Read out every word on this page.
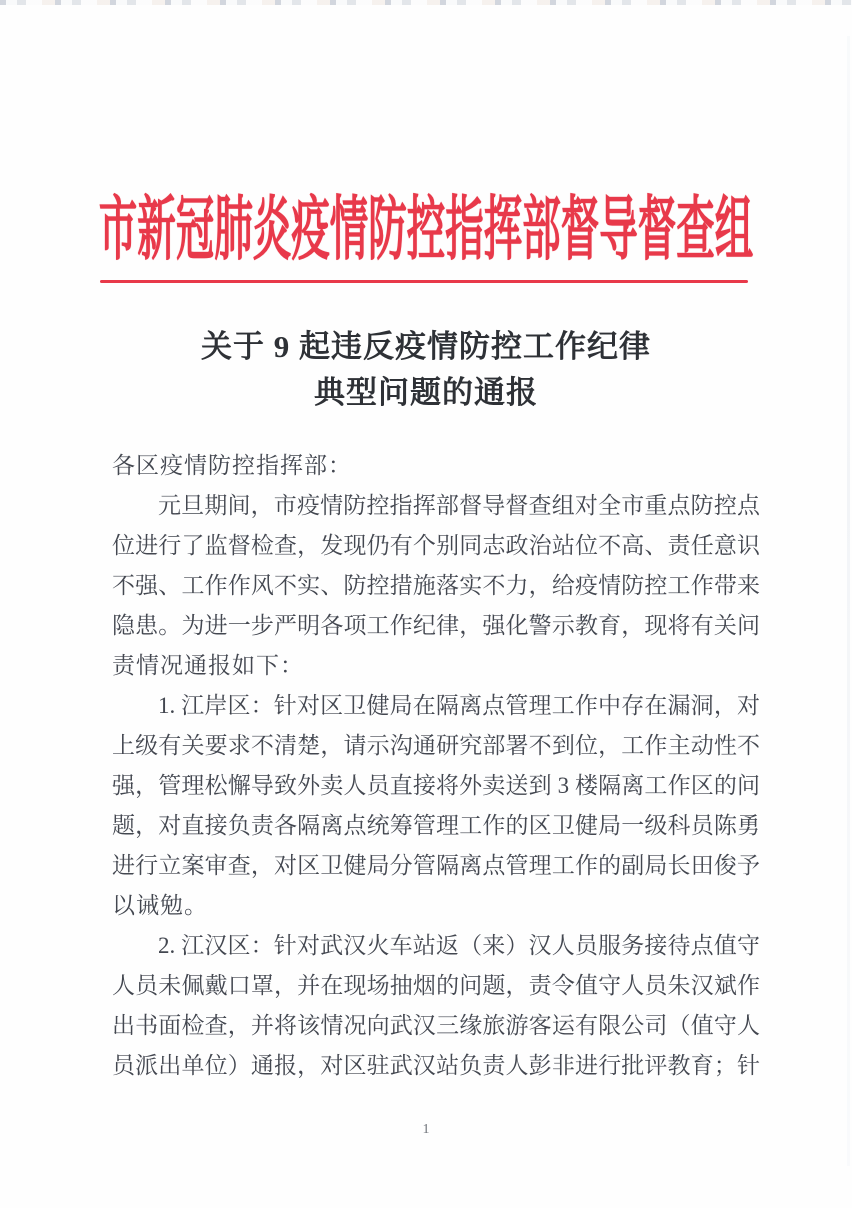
市新冠肺炎疫情防控指挥部督导督查组
关于 9 起违反疫情防控工作纪律
典型问题的通报
各区疫情防控指挥部：
元旦期间，市疫情防控指挥部督导督查组对全市重点防控点
位进行了监督检查，发现仍有个别同志政治站位不高、责任意识
不强、工作作风不实、防控措施落实不力，给疫情防控工作带来
隐患。为进一步严明各项工作纪律，强化警示教育，现将有关问
责情况通报如下：
1. 江岸区：针对区卫健局在隔离点管理工作中存在漏洞，对
上级有关要求不清楚，请示沟通研究部署不到位，工作主动性不
强，管理松懈导致外卖人员直接将外卖送到 3 楼隔离工作区的问
题，对直接负责各隔离点统筹管理工作的区卫健局一级科员陈勇
进行立案审查，对区卫健局分管隔离点管理工作的副局长田俊予
以诫勉。
2. 江汉区：针对武汉火车站返（来）汉人员服务接待点值守
人员未佩戴口罩，并在现场抽烟的问题，责令值守人员朱汉斌作
出书面检查，并将该情况向武汉三缘旅游客运有限公司（值守人
员派出单位）通报，对区驻武汉站负责人彭非进行批评教育；针
1
